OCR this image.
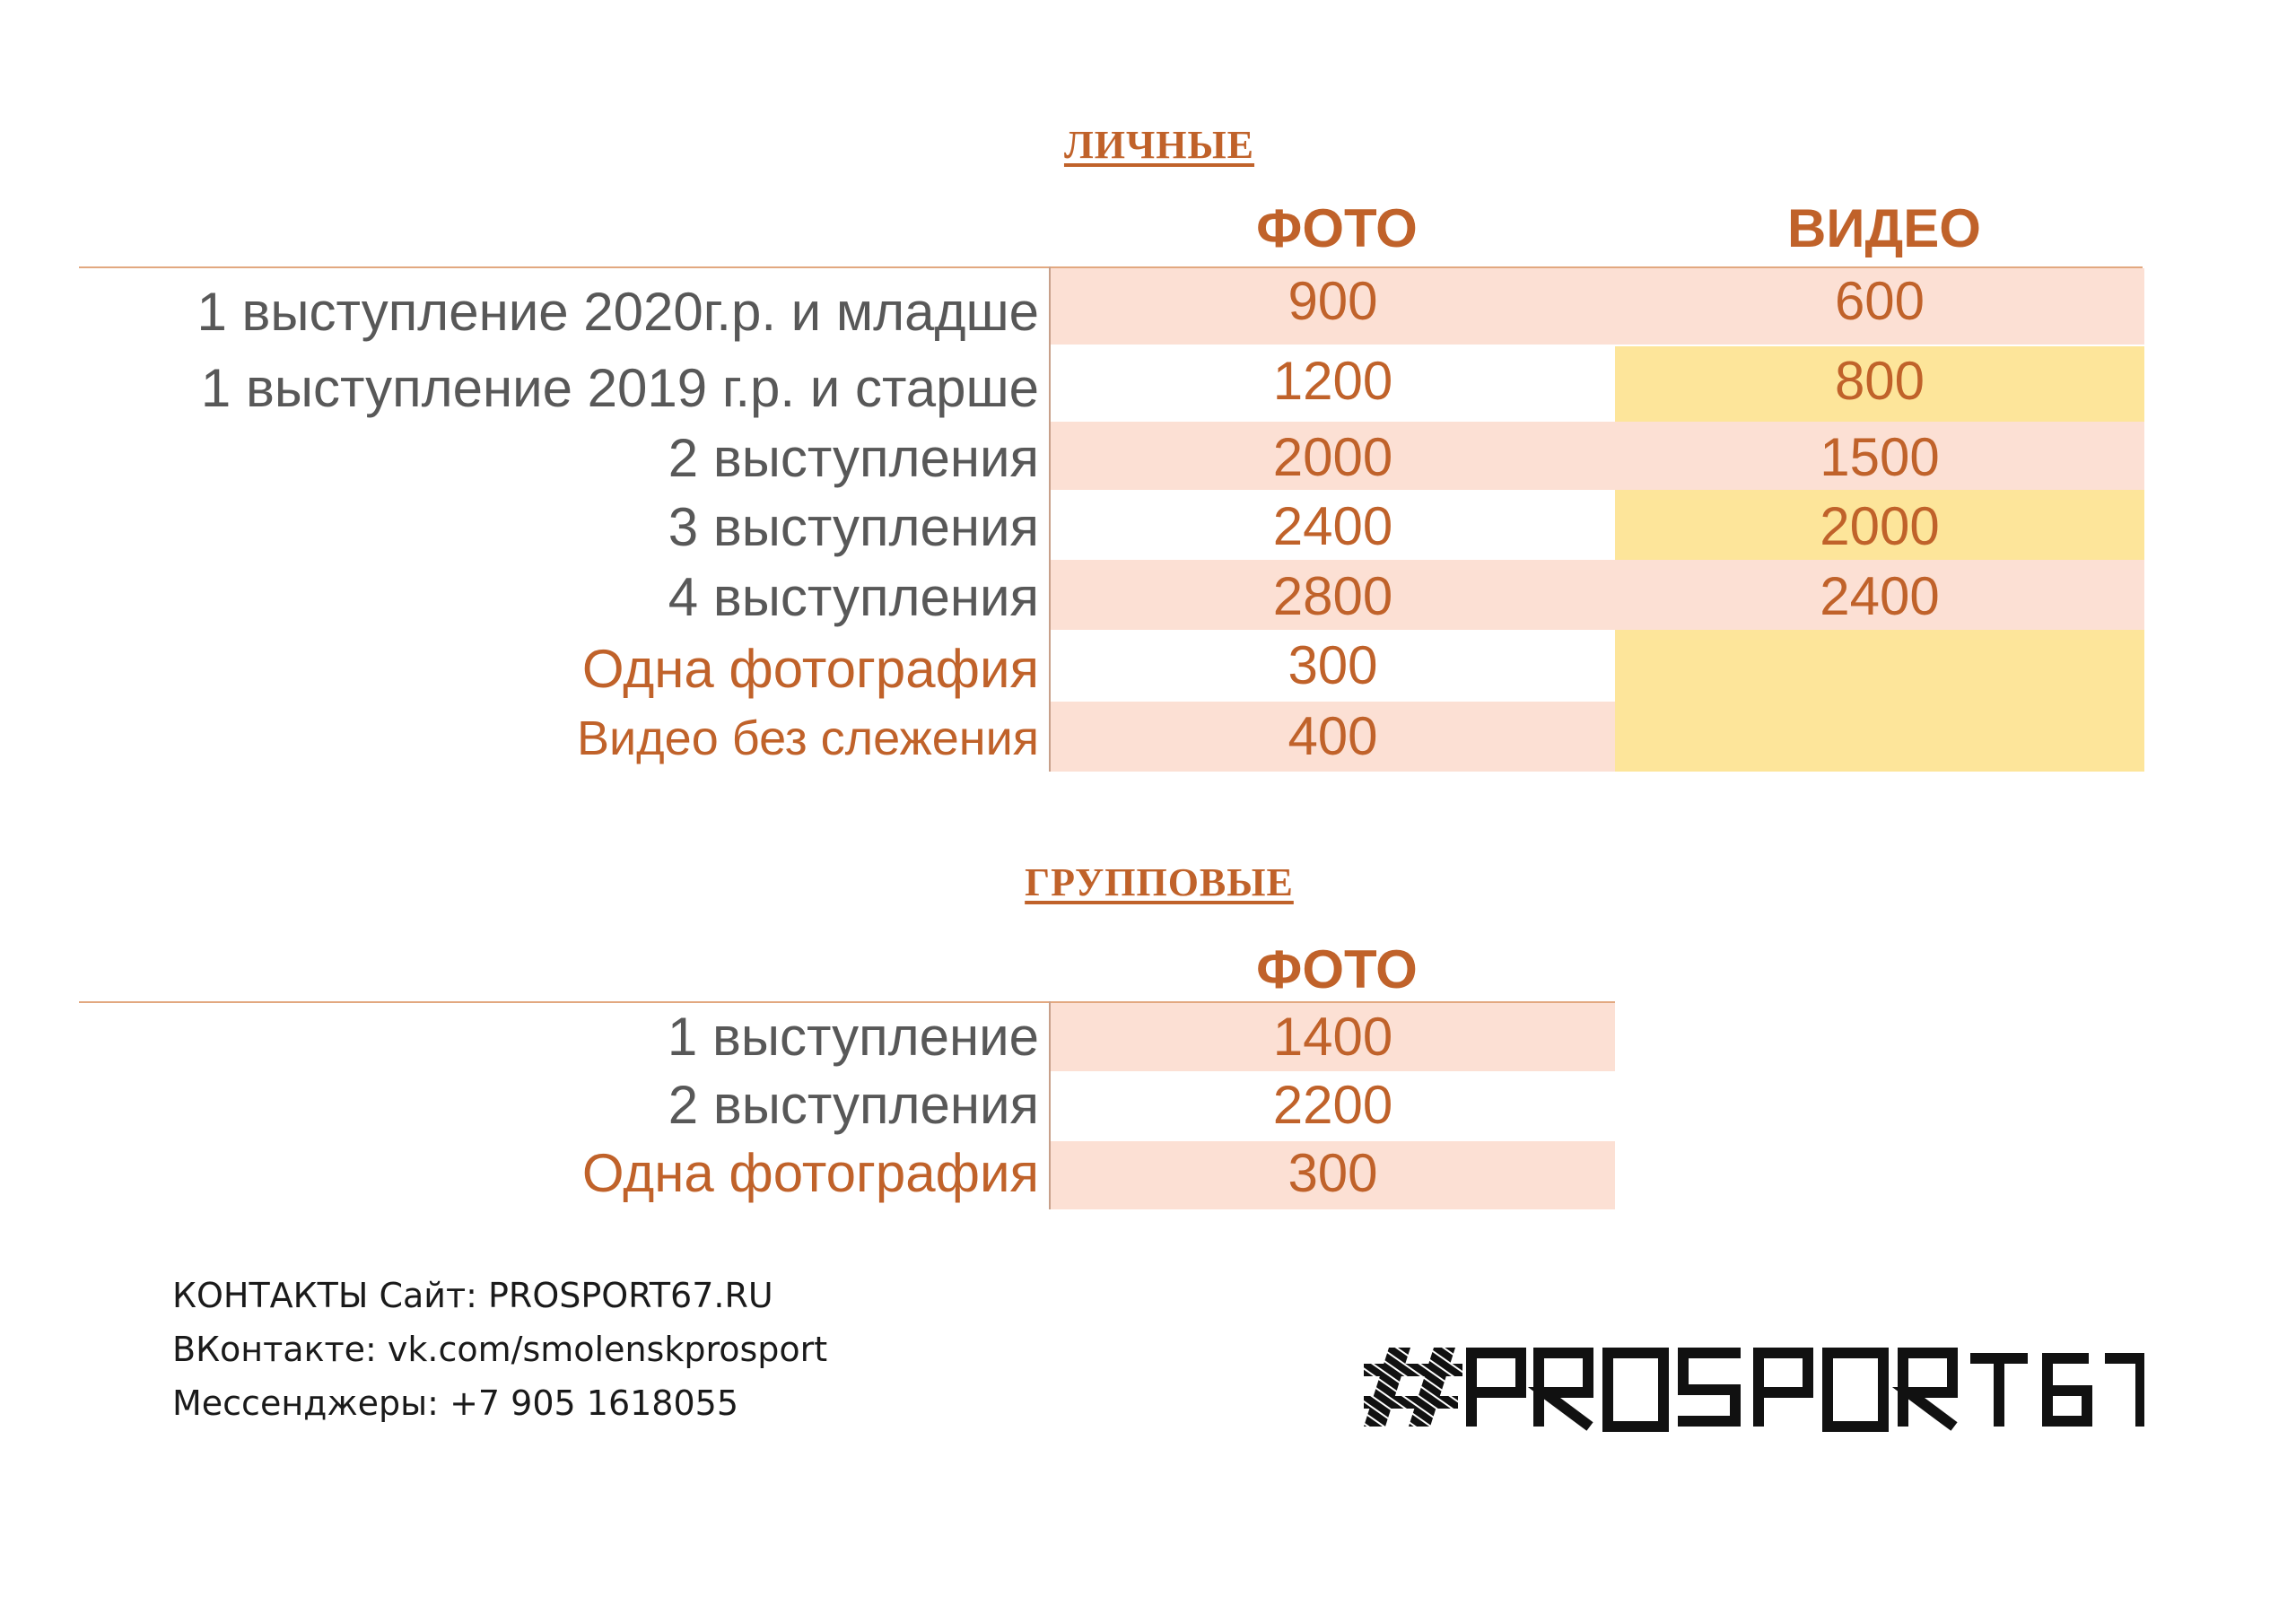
ЛИЧНЫЕ
ФОТО	ВИДЕО
1 выступление 2020г.р. и младше
1 выступление 2019 г.р. и старше
2 выступления
3 выступления
4 выступления
Одна фотография
Видео без слежения
900
1200
2000
2400
2800
300
400
600
800
1500
2000
2400
ГРУППОВЫЕ
ФОТО
1 выступление
2 выступления
Одна фотография
1400
2200
300
КОНТАКТЫ Сайт: PROSPORT67.RU
ВКонтакте: vk.com/smolenskprosport
Мессенджеры: +7 905 1618055
